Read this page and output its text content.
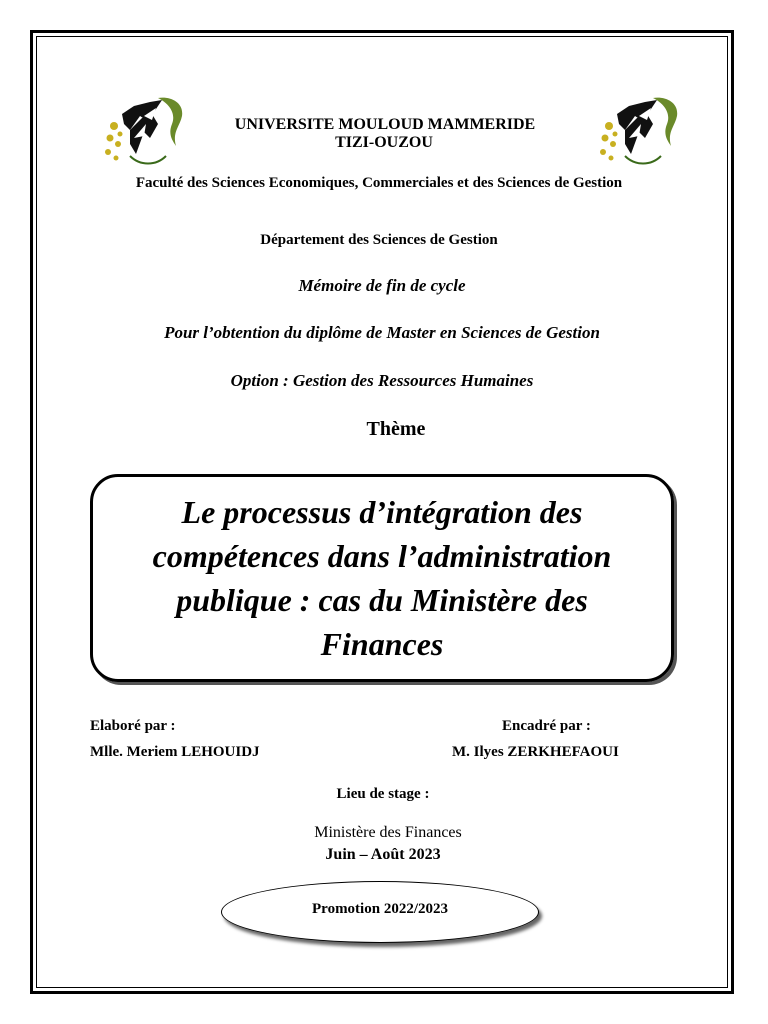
UNIVERSITE MOULOUD MAMMERIDE
TIZI-OUZOU
Faculté des Sciences Economiques, Commerciales et des Sciences de Gestion
Département des Sciences de Gestion
Mémoire de fin de cycle
Pour l’obtention du diplôme de Master en Sciences de Gestion
Option : Gestion des Ressources Humaines
Thème
Le processus d’intégration des
compétences dans l’administration
publique : cas du Ministère des
Finances
Elaboré par :
Mlle. Meriem LEHOUIDJ
Encadré par :
M. Ilyes ZERKHEFAOUI
Lieu de stage :
Ministère des Finances
Juin – Août 2023
Promotion 2022/2023
